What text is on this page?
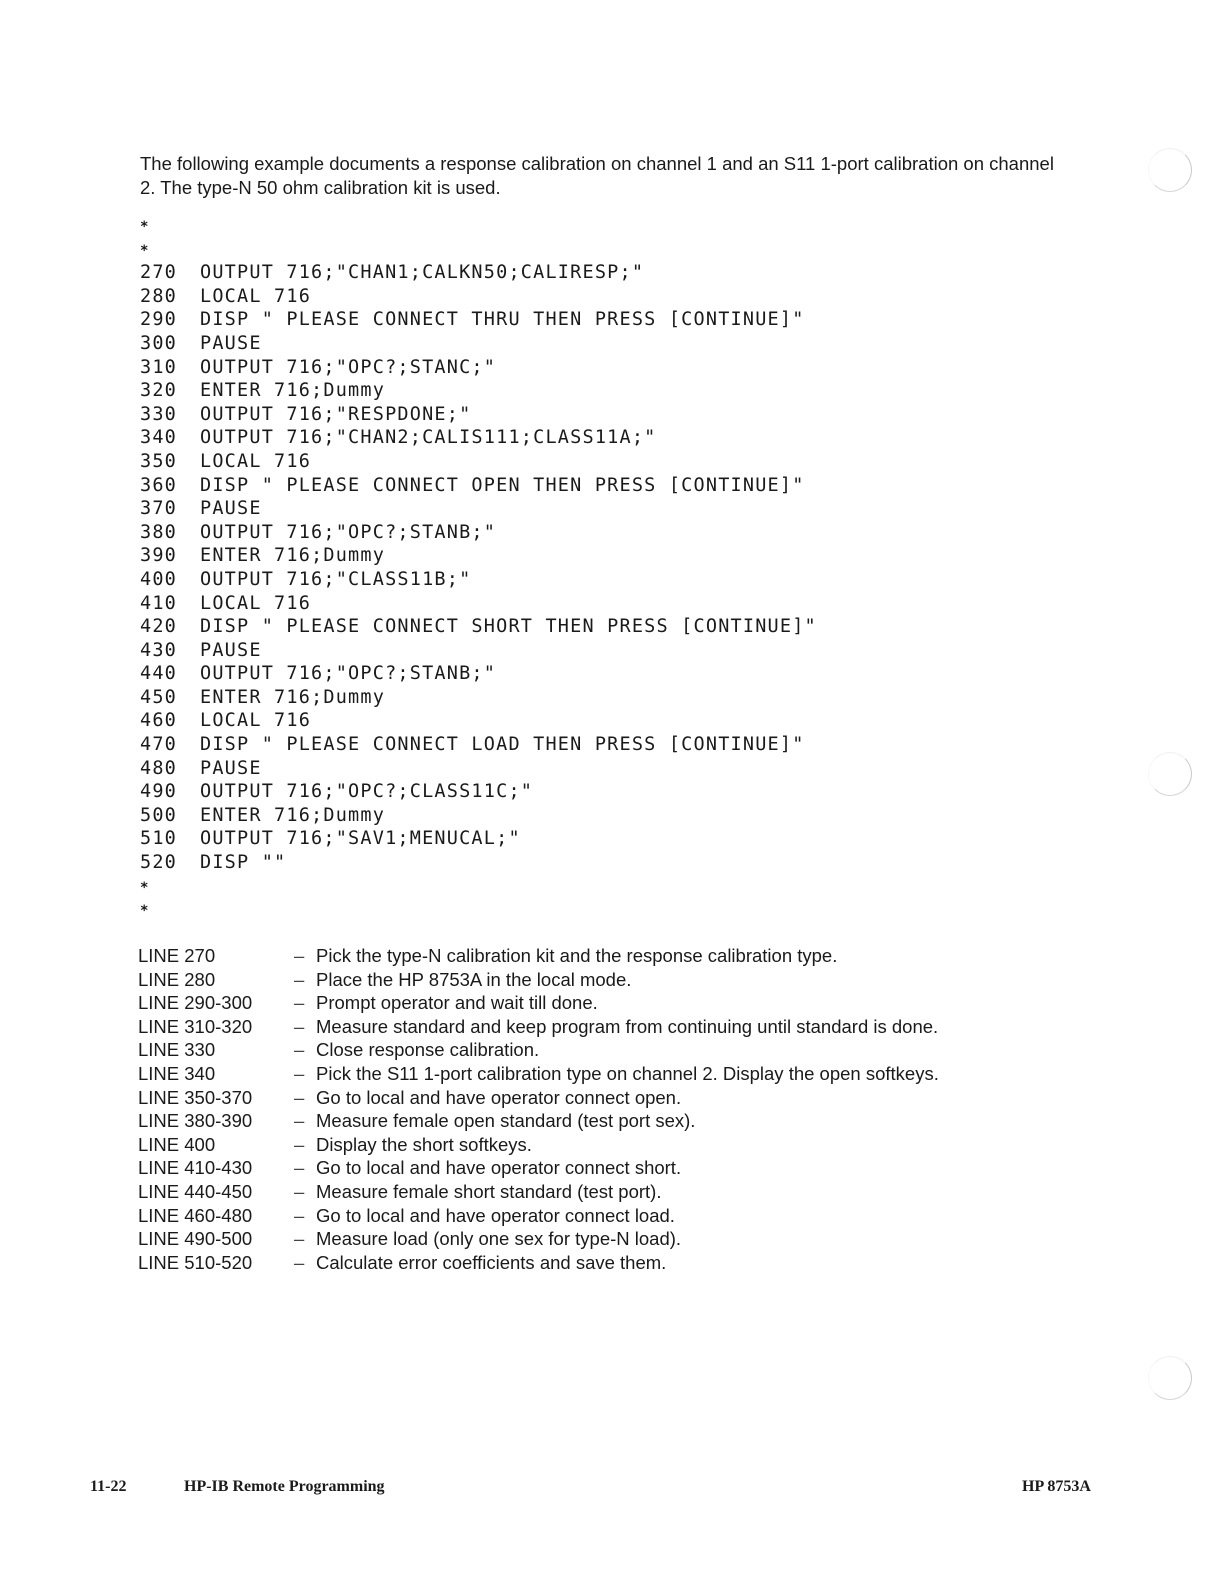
The following example documents a response calibration on channel 1 and an S11 1-port calibration on channel 2. The type-N 50 ohm calibration kit is used.
*
*
270 OUTPUT 716;"CHAN1;CALKN50;CALIRESP;"
280 LOCAL 716
290 DISP " PLEASE CONNECT THRU THEN PRESS [CONTINUE]"
300 PAUSE
310 OUTPUT 716;"OPC?;STANC;"
320 ENTER 716;Dummy
330 OUTPUT 716;"RESPDONE;"
340 OUTPUT 716;"CHAN2;CALIS111;CLASS11A;"
350 LOCAL 716
360 DISP " PLEASE CONNECT OPEN THEN PRESS [CONTINUE]"
370 PAUSE
380 OUTPUT 716;"OPC?;STANB;"
390 ENTER 716;Dummy
400 OUTPUT 716;"CLASS11B;"
410 LOCAL 716
420 DISP " PLEASE CONNECT SHORT THEN PRESS [CONTINUE]"
430 PAUSE
440 OUTPUT 716;"OPC?;STANB;"
450 ENTER 716;Dummy
460 LOCAL 716
470 DISP " PLEASE CONNECT LOAD THEN PRESS [CONTINUE]"
480 PAUSE
490 OUTPUT 716;"OPC?;CLASS11C;"
500 ENTER 716;Dummy
510 OUTPUT 716;"SAV1;MENUCAL;"
520 DISP ""
*
*
LINE 270	– Pick the type-N calibration kit and the response calibration type.
LINE 280	– Place the HP 8753A in the local mode.
LINE 290-300 – Prompt operator and wait till done.
LINE 310-320 – Measure standard and keep program from continuing until standard is done.
LINE 330	– Close response calibration.
LINE 340	– Pick the S11 1-port calibration type on channel 2. Display the open softkeys.
LINE 350-370 – Go to local and have operator connect open.
LINE 380-390 – Measure female open standard (test port sex).
LINE 400	– Display the short softkeys.
LINE 410-430 – Go to local and have operator connect short.
LINE 440-450 – Measure female short standard (test port).
LINE 460-480 – Go to local and have operator connect load.
LINE 490-500 – Measure load (only one sex for type-N load).
LINE 510-520 – Calculate error coefficients and save them.
11-22	HP-IB Remote Programming	HP 8753A
